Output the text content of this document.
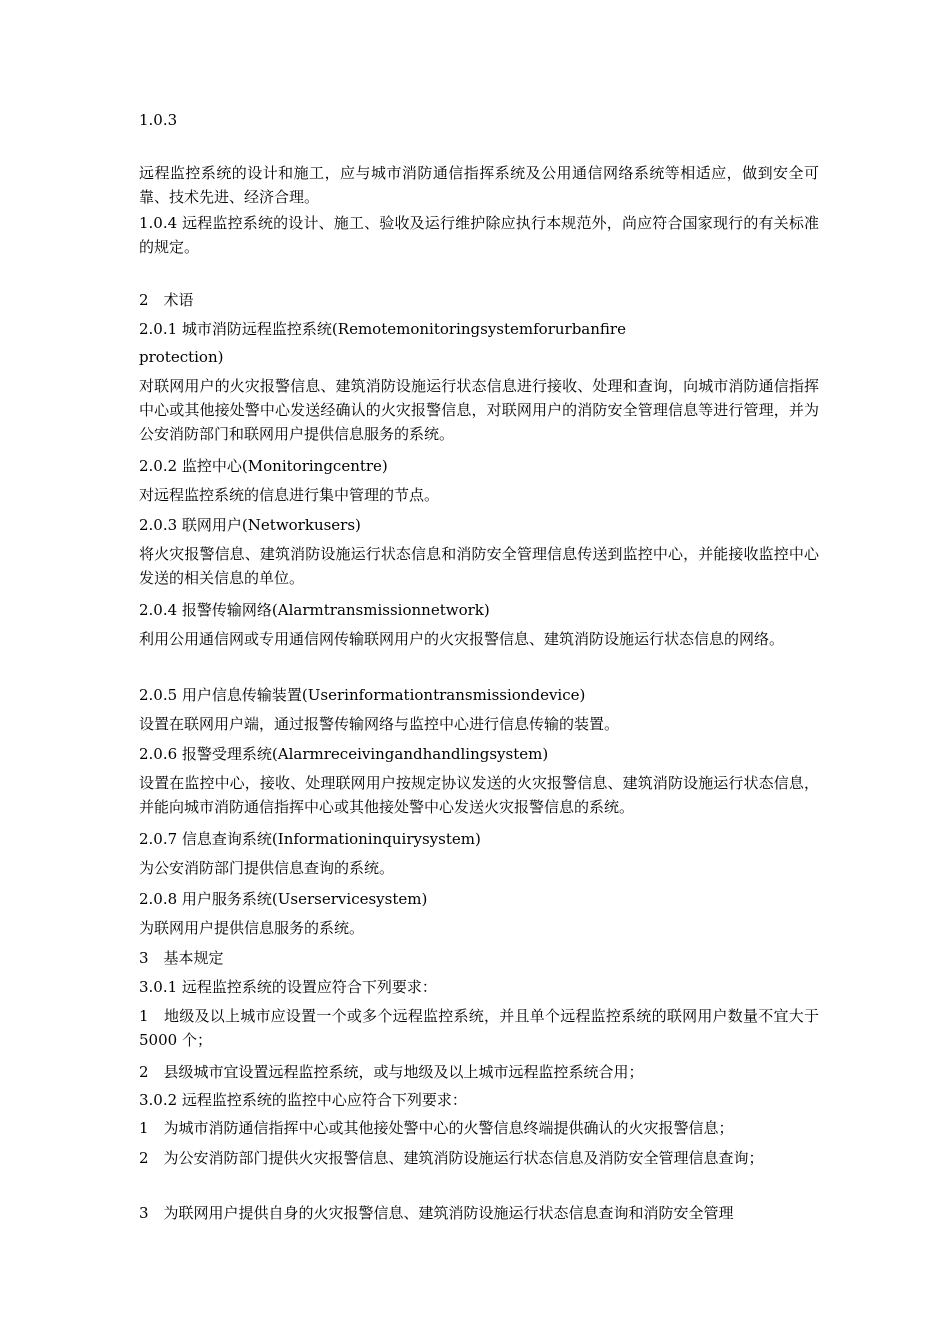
1.0.3
远程监控系统的设计和施工，应与城市消防通信指挥系统及公用通信网络系统等相适应，做到安全可靠、技术先进、经济合理。
1.0.4 远程监控系统的设计、施工、验收及运行维护除应执行本规范外，尚应符合国家现行的有关标准的规定。
2　术语
2.0.1 城市消防远程监控系统(Remotemonitoringsystemforurbanfire
protection)
对联网用户的火灾报警信息、建筑消防设施运行状态信息进行接收、处理和查询，向城市消防通信指挥中心或其他接处警中心发送经确认的火灾报警信息，对联网用户的消防安全管理信息等进行管理，并为公安消防部门和联网用户提供信息服务的系统。
2.0.2 监控中心(Monitoringcentre)
对远程监控系统的信息进行集中管理的节点。
2.0.3 联网用户(Networkusers)
将火灾报警信息、建筑消防设施运行状态信息和消防安全管理信息传送到监控中心，并能接收监控中心发送的相关信息的单位。
2.0.4 报警传输网络(Alarmtransmissionnetwork)
利用公用通信网或专用通信网传输联网用户的火灾报警信息、建筑消防设施运行状态信息的网络。
2.0.5 用户信息传输装置(Userinformationtransmissiondevice)
设置在联网用户端，通过报警传输网络与监控中心进行信息传输的装置。
2.0.6 报警受理系统(Alarmreceivingandhandlingsystem)
设置在监控中心，接收、处理联网用户按规定协议发送的火灾报警信息、建筑消防设施运行状态信息，并能向城市消防通信指挥中心或其他接处警中心发送火灾报警信息的系统。
2.0.7 信息查询系统(Informationinquirysystem)
为公安消防部门提供信息查询的系统。
2.0.8 用户服务系统(Userservicesystem)
为联网用户提供信息服务的系统。
3　基本规定
3.0.1 远程监控系统的设置应符合下列要求：
1　地级及以上城市应设置一个或多个远程监控系统，并且单个远程监控系统的联网用户数量不宜大于 5000 个；
2　县级城市宜设置远程监控系统，或与地级及以上城市远程监控系统合用；
3.0.2 远程监控系统的监控中心应符合下列要求：
1　为城市消防通信指挥中心或其他接处警中心的火警信息终端提供确认的火灾报警信息；
2　为公安消防部门提供火灾报警信息、建筑消防设施运行状态信息及消防安全管理信息查询；
3　为联网用户提供自身的火灾报警信息、建筑消防设施运行状态信息查询和消防安全管理
